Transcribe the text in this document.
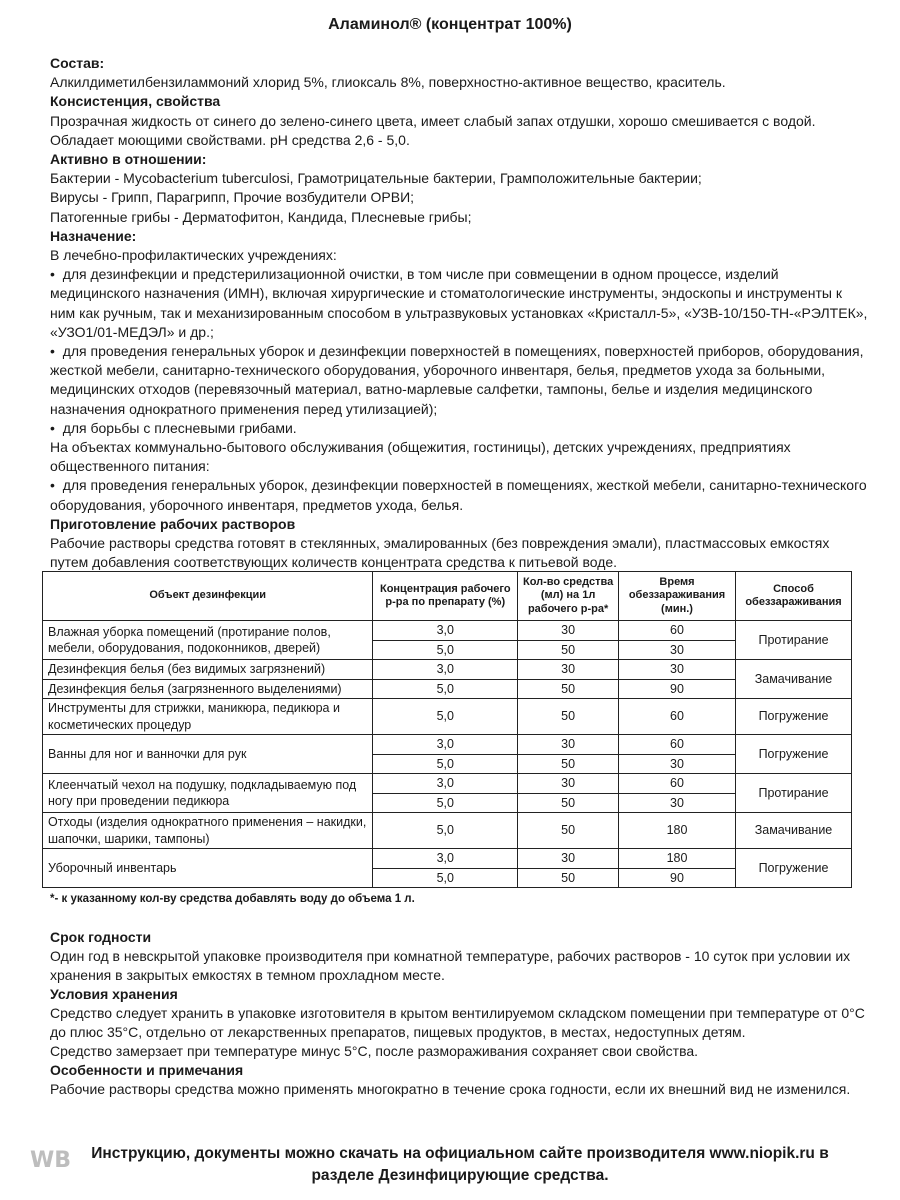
Аламинол® (концентрат 100%)

Состав:

Алкилдиметилбензиламмоний хлорид 5%, глиоксаль 8%, поверхностно-активное вещество, краситель.

Консистенция, свойства

Прозрачная жидкость от синего до зелено-синего цвета, имеет слабый запах отдушки, хорошо смешивается с водой.

Обладает моющими свойствами. pH средства 2,6 - 5,0.

Активно в отношении:

Бактерии - Mycobacterium tuberculosi, Грамотрицательные бактерии, Грамположительные бактерии;

Вирусы - Грипп, Парагрипп, Прочие возбудители ОРВИ;

Патогенные грибы - Дерматофитон, Кандида, Плесневые грибы;

Назначение:

В лечебно-профилактических учреждениях:

•  для дезинфекции и предстерилизационной очистки, в том числе при совмещении в одном процессе, изделий медицинского назначения (ИМН), включая хирургические и стоматологические инструменты, эндоскопы и инструменты к ним как ручным, так и механизированным способом в ультразвуковых установках «Кристалл-5», «УЗВ-10/150-ТН-«РЭЛТЕК», «УЗО1/01-МЕДЭЛ» и др.;

•  для проведения генеральных уборок и дезинфекции поверхностей в помещениях, поверхностей приборов, оборудования, жесткой мебели, санитарно-технического оборудования, уборочного инвентаря, белья, предметов ухода за больными, медицинских отходов (перевязочный материал, ватно-марлевые салфетки, тампоны, белье и изделия медицинского назначения однократного применения перед утилизацией);

•  для борьбы с плесневыми грибами.

На объектах коммунально-бытового обслуживания (общежития, гостиницы), детских учреждениях, предприятиях общественного питания:

•  для проведения генеральных уборок, дезинфекции поверхностей в помещениях, жесткой мебели, санитарно-технического оборудования, уборочного инвентаря, предметов ухода, белья.

Приготовление рабочих растворов

Рабочие растворы средства готовят в стеклянных, эмалированных (без повреждения эмали), пластмассовых емкостях путем добавления соответствующих количеств концентрата средства к питьевой воде.

Объект дезинфекции	Концентрация рабочего р-ра по препарату (%)	Кол-во средства (мл) на 1л рабочего р-ра*	Время обеззараживания (мин.)	Способ обеззараживания
Влажная уборка помещений (протирание полов, мебели, оборудования, подоконников, дверей)	3,0	30	60	Протирание
	5,0	50	30	
Дезинфекция белья (без видимых загрязнений)	3,0	30	30	Замачивание
Дезинфекция белья (загрязненного выделениями)	5,0	50	90	
Инструменты для стрижки, маникюра, педикюра и косметических процедур	5,0	50	60	Погружение
Ванны для ног и ванночки для рук	3,0	30	60	Погружение
	5,0	50	30	
Клеенчатый чехол на подушку, подкладываемую под ногу при проведении педикюра	3,0	30	60	Протирание
	5,0	50	30	
Отходы (изделия однократного применения – накидки, шапочки, шарики, тампоны)	5,0	50	180	Замачивание
Уборочный инвентарь	3,0	30	180	Погружение
	5,0	50	90	
*- к указанному кол-ву средства добавлять воду до объема 1 л.

Срок годности

Один год в невскрытой упаковке производителя при комнатной температуре, рабочих растворов - 10 суток при условии их хранения в закрытых емкостях в темном прохладном месте.

Условия хранения

Средство следует хранить в упаковке изготовителя в крытом вентилируемом складском помещении при температуре от 0°С до плюс 35°С, отдельно от лекарственных препаратов, пищевых продуктов, в местах, недоступных детям.

Средство замерзает при температуре минус 5°С, после размораживания сохраняет свои свойства.

Особенности и примечания

Рабочие растворы средства можно применять многократно в течение срока годности, если их внешний вид не изменился.

WB	Инструкцию, документы можно скачать на официальном сайте производителя www.niopik.ru в
разделе Дезинфицирующие средства.
